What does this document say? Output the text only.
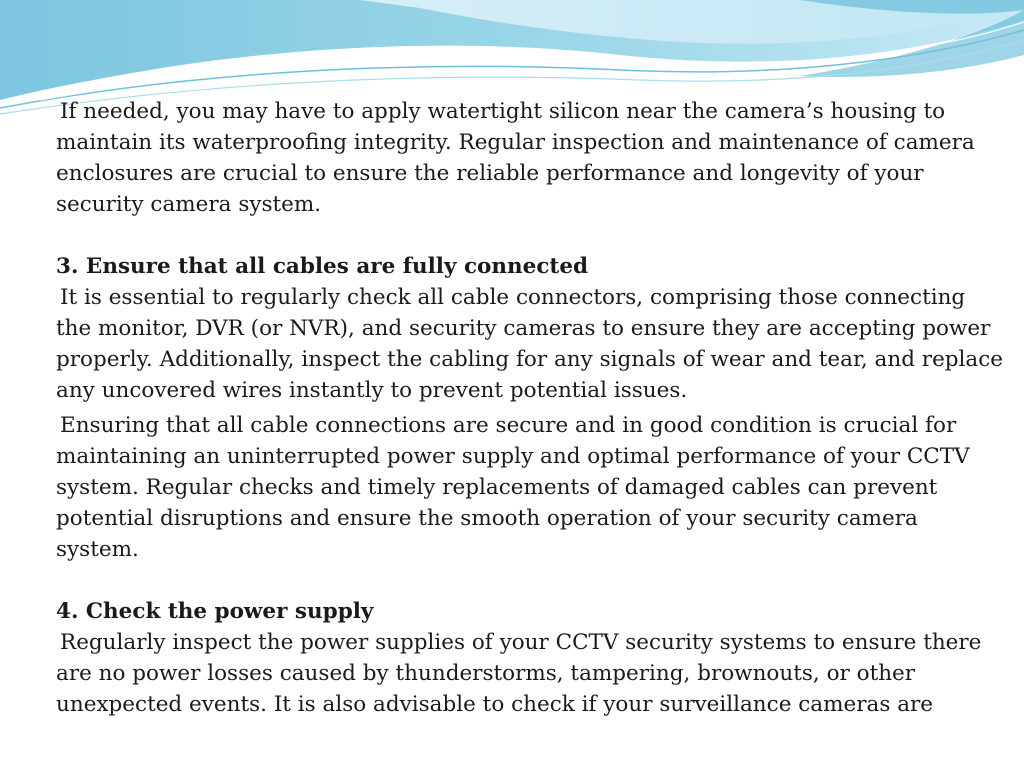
If needed, you may have to apply watertight silicon near the camera’s housing to maintain its waterproofing integrity. Regular inspection and maintenance of camera enclosures are crucial to ensure the reliable performance and longevity of your security camera system.

3. Ensure that all cables are fully connected

It is essential to regularly check all cable connectors, comprising those connecting the monitor, DVR (or NVR), and security cameras to ensure they are accepting power properly. Additionally, inspect the cabling for any signals of wear and tear, and replace any uncovered wires instantly to prevent potential issues.

Ensuring that all cable connections are secure and in good condition is crucial for maintaining an uninterrupted power supply and optimal performance of your CCTV system. Regular checks and timely replacements of damaged cables can prevent potential disruptions and ensure the smooth operation of your security camera system.

4. Check the power supply

Regularly inspect the power supplies of your CCTV security systems to ensure there are no power losses caused by thunderstorms, tampering, brownouts, or other unexpected events. It is also advisable to check if your surveillance cameras are
